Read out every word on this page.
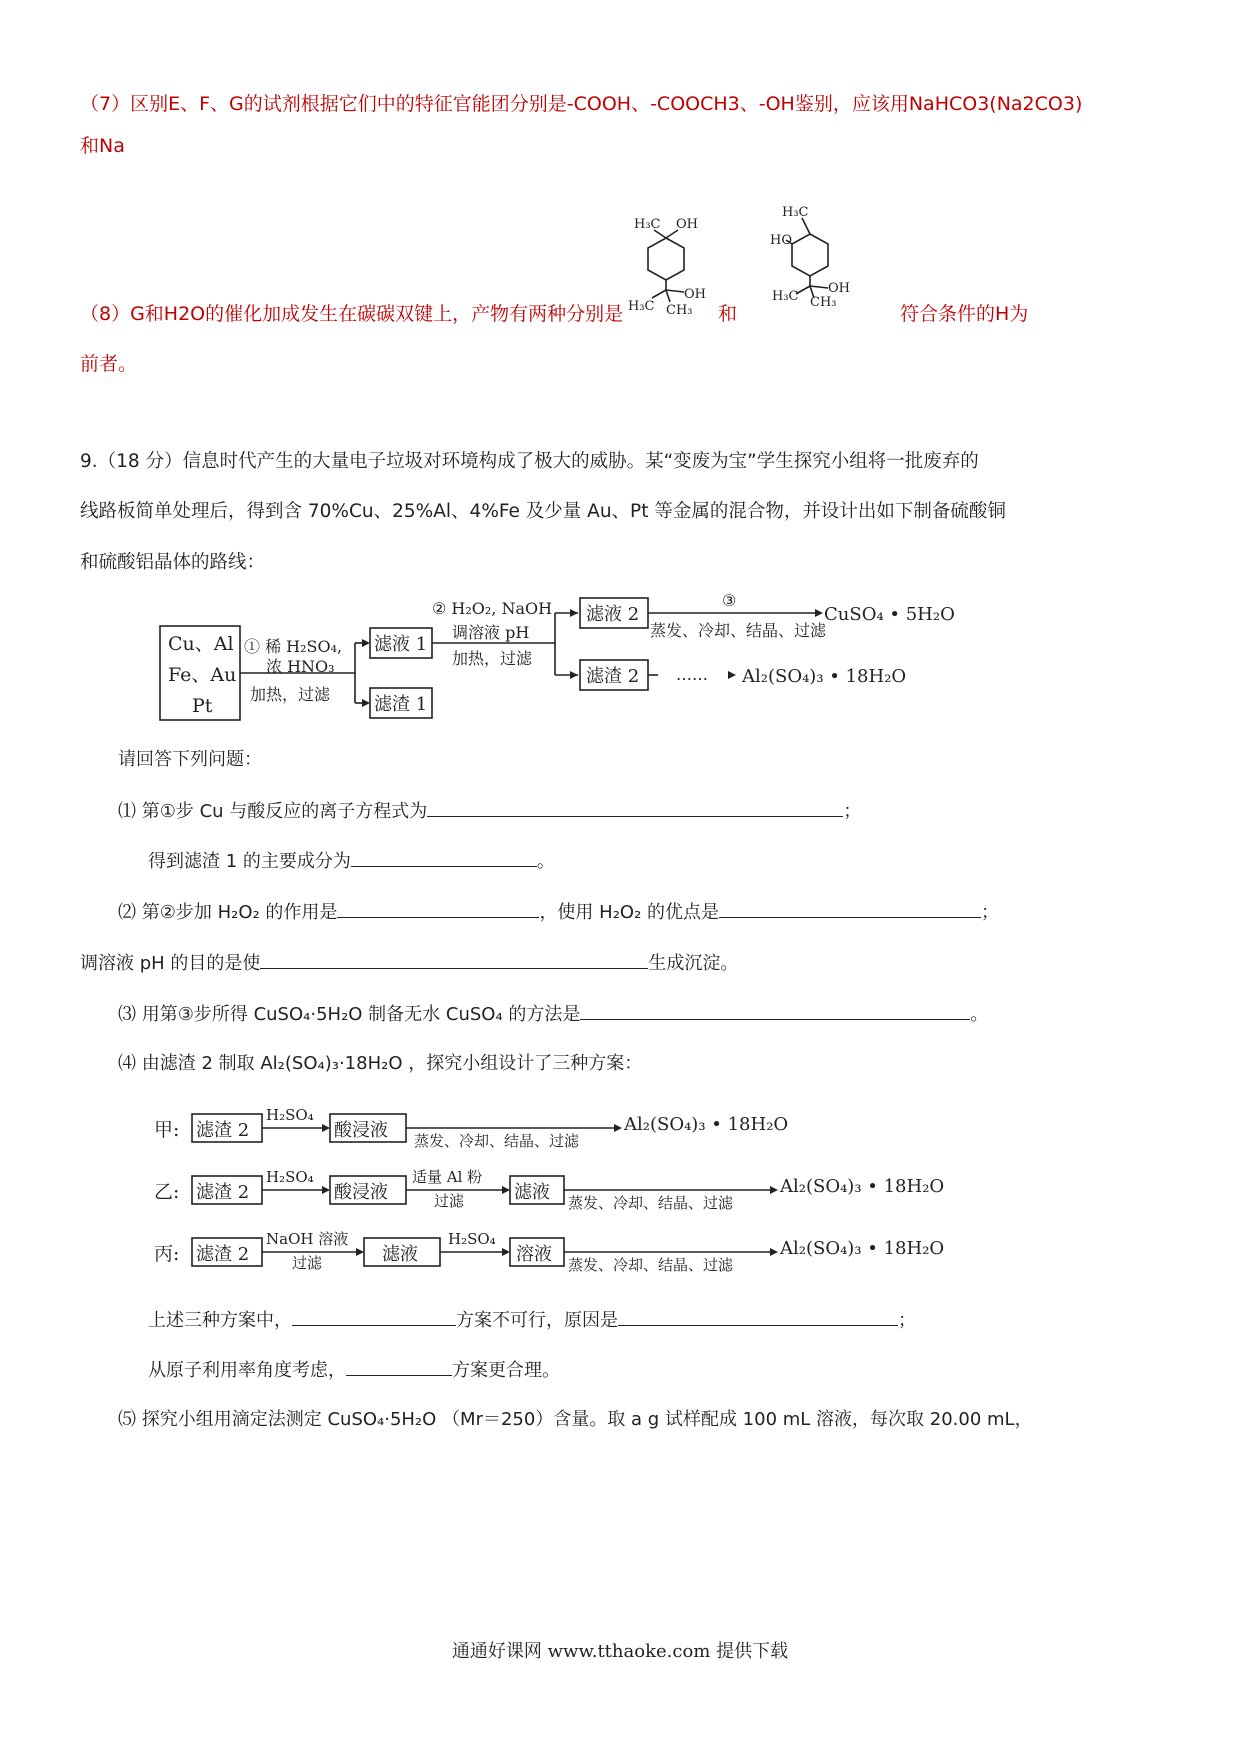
（7）区别E、F、G的试剂根据它们中的特征官能团分别是-COOH、-COOCH3、-OH鉴别，应该用NaHCO3(Na2CO3)
和Na
H₃C OH
H₃C CH₃
OH
H₃C
HO
H₃C CH₃
OH
（8）G和H2O的催化加成发生在碳碳双键上，产物有两种分别是	和	符合条件的H为
前者。
9.（18 分）信息时代产生的大量电子垃圾对环境构成了极大的威胁。某“变废为宝”学生探究小组将一批废弃的
线路板简单处理后，得到含 70%Cu、25%Al、4%Fe 及少量 Au、Pt 等金属的混合物，并设计出如下制备硫酸铜
和硫酸铝晶体的路线：
Cu、Al
Fe、Au
Pt
① 稀 H₂SO₄,
浓 HNO₃
加热，过滤
滤液 1
滤渣 1
② H₂O₂, NaOH
调溶液 pH
加热，过滤
滤液 2
滤渣 2
③
蒸发、冷却、结晶、过滤
CuSO₄ • 5H₂O
…… Al₂(SO₄)₃ • 18H₂O
请回答下列问题：
⑴ 第①步 Cu 与酸反应的离子方程式为	；
得到滤渣 1 的主要成分为	。
⑵ 第②步加 H₂O₂ 的作用是	，使用 H₂O₂ 的优点是	；
调溶液 pH 的目的是使	生成沉淀。
⑶ 用第③步所得 CuSO₄·5H₂O 制备无水 CuSO₄ 的方法是	。
⑷ 由滤渣 2 制取 Al₂(SO₄)₃·18H₂O ，探究小组设计了三种方案：
甲: 滤渣 2
H₂SO₄
酸浸液 蒸发、冷却、结晶、过滤
Al₂(SO₄)₃ • 18H₂O
乙: 滤渣 2
H₂SO₄
酸浸液
适量 Al 粉
过滤	滤液 蒸发、冷却、结晶、过滤
Al₂(SO₄)₃ • 18H₂O
丙: 滤渣 2
NaOH 溶液
过滤	滤液
H₂SO₄
溶液 蒸发、冷却、结晶、过滤
Al₂(SO₄)₃ • 18H₂O
上述三种方案中，	方案不可行，原因是	；
从原子利用率角度考虑，	方案更合理。
⑸ 探究小组用滴定法测定 CuSO₄·5H₂O （Mr＝250）含量。取 a g 试样配成 100 mL 溶液，每次取 20.00 mL，
通通好课网 www.tthaoke.com 提供下载
